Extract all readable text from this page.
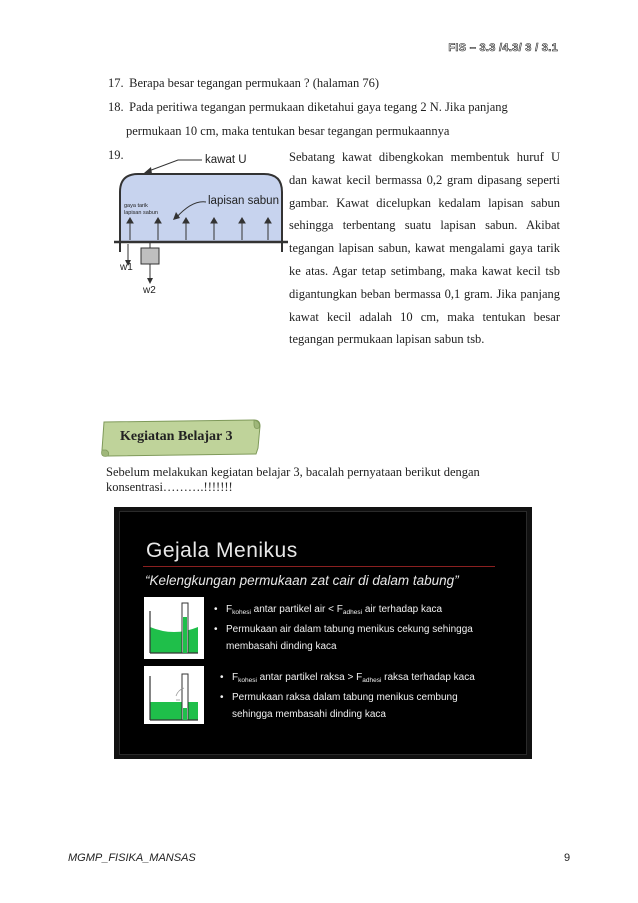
FIS – 3.3 /4.3/ 3 / 3.1
17. Berapa besar tegangan permukaan ? (halaman 76)
18. Pada peritiwa tegangan permukaan diketahui gaya tegang 2 N. Jika panjang
permukaan 10 cm, maka tentukan besar tegangan permukaannya
19.	kawat U
lapisan sabun
gaya tarik
lapisan sabun
w1
w2
Sebatang kawat dibengkokan membentuk huruf U dan kawat kecil bermassa 0,2 gram dipasang seperti gambar. Kawat dicelupkan kedalam lapisan sabun sehingga terbentang suatu lapisan sabun. Akibat tegangan lapisan sabun, kawat mengalami gaya tarik ke atas. Agar tetap setimbang, maka kawat kecil tsb digantungkan beban bermassa 0,1 gram. Jika panjang kawat kecil adalah 10 cm, maka tentukan besar tegangan permukaan lapisan sabun tsb.
Kegiatan Belajar 3
Sebelum melakukan kegiatan belajar 3, bacalah pernyataan berikut dengan konsentrasi……….!!!!!!!
Gejala Menikus
“Kelengkungan permukaan zat cair di dalam tabung”
• $F_{kohesi}$ antar partikel air < $F_{adhesi}$ air terhadap kaca
• Permukaan air dalam tabung menikus cekung sehingga
membasahi dinding kaca
• $F_{kohesi}$ antar partikel raksa > $F_{adhesi}$ raksa terhadap kaca
• Permukaan raksa dalam tabung menikus cembung
sehingga membasahi dinding kaca
MGMP_FISIKA_MANSAS	9
